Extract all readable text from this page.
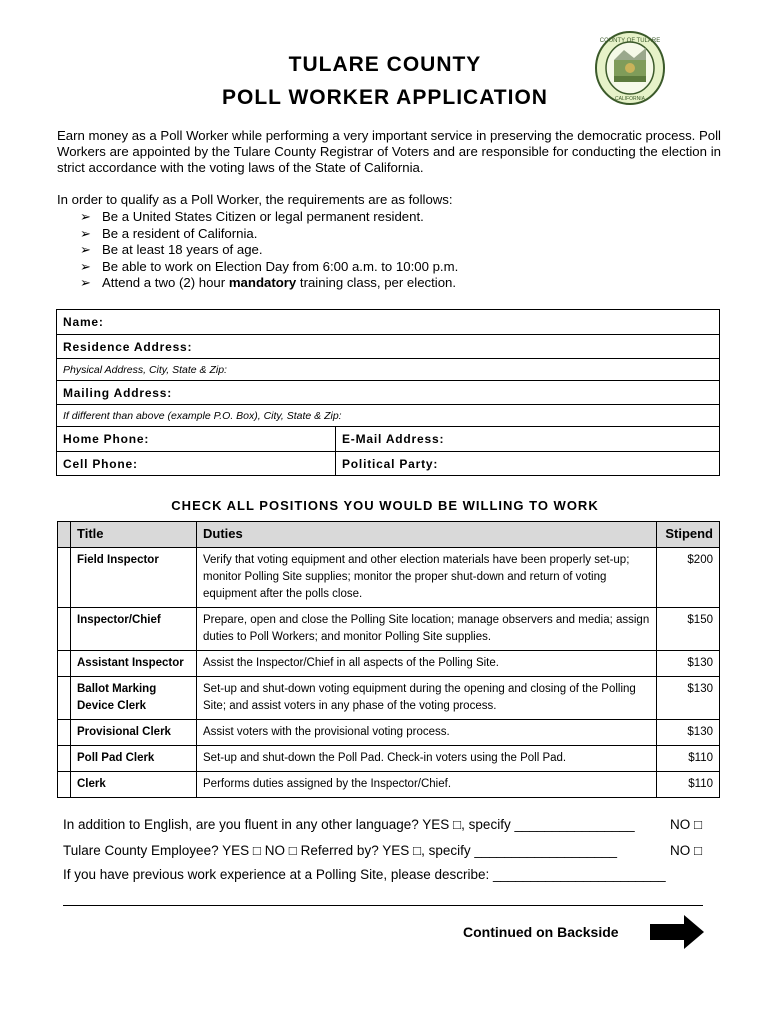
TULARE COUNTY
POLL WORKER APPLICATION
COUNTY OF TULARE
CALIFORNIA
Earn money as a Poll Worker while performing a very important service in preserving the democratic process. Poll Workers are appointed by the Tulare County Registrar of Voters and are responsible for conducting the election in strict accordance with the voting laws of the State of California.
In order to qualify as a Poll Worker, the requirements are as follows:
➢ Be a United States Citizen or legal permanent resident.
➢ Be a resident of California.
➢ Be at least 18 years of age.
➢ Be able to work on Election Day from 6:00 a.m. to 10:00 p.m.
➢ Attend a two (2) hour mandatory training class, per election.
Name:
Residence Address:
Physical Address, City, State & Zip:
Mailing Address:
If different than above (example P.O. Box), City, State & Zip:
Home Phone:	E-Mail Address:
Cell Phone:	Political Party:
CHECK ALL POSITIONS YOU WOULD BE WILLING TO WORK
	Title	Duties	Stipend
	Field Inspector	Verify that voting equipment and other election materials have been properly set-up; monitor Polling Site supplies; monitor the proper shut-down and return of voting equipment after the polls close.	$200
	Inspector/Chief	Prepare, open and close the Polling Site location; manage observers and media; assign duties to Poll Workers; and monitor Polling Site supplies.	$150
	Assistant Inspector	Assist the Inspector/Chief in all aspects of the Polling Site.	$130
	Ballot Marking Device Clerk	Set-up and shut-down voting equipment during the opening and closing of the Polling Site; and assist voters in any phase of the voting process.	$130
	Provisional Clerk	Assist voters with the provisional voting process.	$130
	Poll Pad Clerk	Set-up and shut-down the Poll Pad. Check-in voters using the Poll Pad.	$110
	Clerk	Performs duties assigned by the Inspector/Chief.	$110
In addition to English, are you fluent in any other language? YES □, specify ________________	NO □
Tulare County Employee? YES □ NO □ Referred by? YES □, specify ___________________	NO □
If you have previous work experience at a Polling Site, please describe: _______________________
Continued on Backside
